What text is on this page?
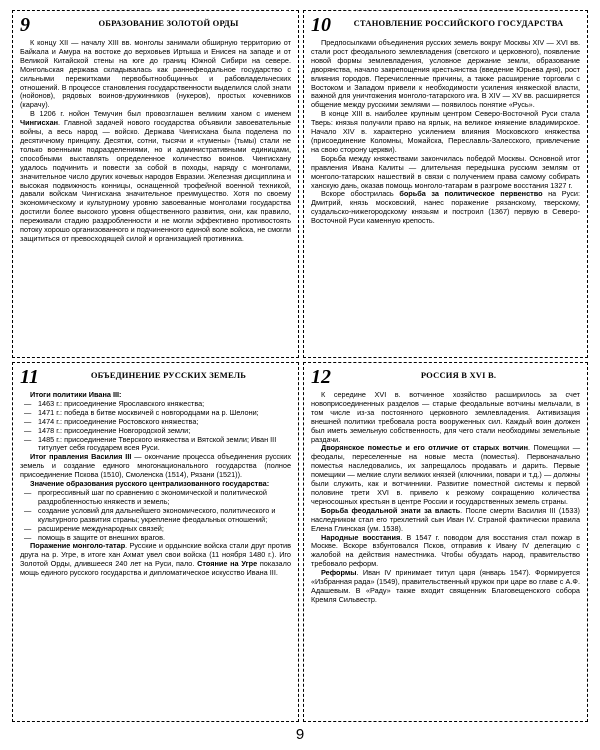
9	ОБРАЗОВАНИЕ ЗОЛОТОЙ ОРДЫ

К концу XII — началу XIII вв. монголы занимали обширную территорию от Байкала и Амура на востоке до верховьев Иртыша и Енисея на западе и от Великой Китайской стены на юге до границ Южной Сибири на севере. Монгольская держава складывалась как раннефеодальное государство с сильными пережитками первобытнообщинных и рабовладельческих отношений. В процессе становления государственности выделился слой знати (нойонов), рядовых воинов-дружинников (нукеров), простых кочевников (карачу).

В 1206 г. нойон Темучин был провозглашен великим ханом с именем Чингисхан. Главной задачей нового государства объявили завоевательные войны, а весь народ — войско. Держава Чингисхана была поделена по десятичному принципу. Десятки, сотни, тысячи и «тумены» (тьмы) стали не только военными подразделениями, но и административными единицами, способными выставлять определенное количество воинов. Чингисхану удалось подчинить и повести за собой в походы, наряду с монголами, значительное число других кочевых народов Евразии. Железная дисциплина и высокая подвижность конницы, оснащенной трофейной военной техникой, давали войскам Чингисхана значительное преимущество. Хотя по своему экономическому и культурному уровню завоеванные монголами государства достигли более высокого уровня общественного развития, они, как правило, переживали стадию раздробленности и не могли эффективно противостоять потоку хорошо организованного и подчиненного единой воле войска, не смогли защититься от превосходящей силой и организацией противника.

10	СТАНОВЛЕНИЕ РОССИЙСКОГО ГОСУДАРСТВА

Предпосылками объединения русских земель вокруг Москвы XIV — XVI вв. стали рост феодального землевладения (светского и церковного), появление новой формы землевладения, условное держание земли, образование дворянства, начало закрепощения крестьянства (введение Юрьева дня), рост влияния городов. Перечисленные причины, а также расширение торговли с Востоком и Западом привели к необходимости усиления княжеской власти, важной для уничтожения монголо-татарского ига. В XIV — XV вв. расширяется общение между русскими землями — появилось понятие «Русь».

В конце XIII в. наиболее крупным центром Северо-Восточной Руси стала Тверь: князья получили право на ярлык, на великое княжение владимирское. Начало XIV в. характерно усилением влияния Московского княжества (присоединение Коломны, Можайска, Переславль-Залесского, привлечение на свою сторону церкви).

Борьба между княжествами закончилась победой Москвы. Основной итог правления Ивана Калиты — длительная передышка русским землям от монголо-татарских нашествий в связи с получением права самому собирать ханскую дань, оказав помощь монголо-татарам в разгроме восстания 1327 г.

Вскоре обострилась борьба за политическое первенство на Руси: Дмитрий, князь московский, нанес поражение рязанскому, тверскому, суздальско-нижегородскому князьям и построил (1367) первую в Северо-Восточной Руси каменную крепость.

11	ОБЪЕДИНЕНИЕ РУССКИХ ЗЕМЕЛЬ
Итоги политики Ивана III:
— 1463 г.: присоединение Ярославского княжества;
— 1471 г.: победа в битве москвичей с новгородцами на р. Шелони;
— 1474 г.: присоединение Ростовского княжества;
— 1478 г.: присоединение Новгородской земли;
— 1485 г.: присоединение Тверского княжества и Вятской земли; Иван III титулует себя государем всея Руси.

Итог правления Василия III — окончание процесса объединения русских земель и создание единого многонационального государства (полное присоединение Пскова (1510), Смоленска (1514), Рязани (1521)).

Значение образования русского централизованного государства:
— прогрессивный шаг по сравнению с экономической и политической раздробленностью княжеств и земель;
— создание условий для дальнейшего экономического, политического и культурного развития страны; укрепление феодальных отношений;
— расширение международных связей;
— помощь в защите от внешних врагов.

Поражение монголо-татар. Русские и ордынские войска стали друг против друга на р. Угре, в итоге хан Ахмат увел свои войска (11 ноября 1480 г.). Иго Золотой Орды, длившееся 240 лет на Руси, пало. Стояние на Угре показало мощь единого русского государства и дипломатическое искусство Ивана III.

12	РОССИЯ В XVI В.

К середине XVI в. вотчинное хозяйство расширилось за счет новоприсоединенных разделов — старые феодальные вотчины мельчали, в том числе из-за постоянного церковного землевладения. Активизация внешней политики требовала роста вооруженных сил. Каждый воин должен был иметь земельную собственность, для чего стали необходимы земельные раздачи.

Дворянское поместье и его отличие от старых вотчин. Помещики — феодалы, переселенные на новые места (поместья). Первоначально поместья наследовались, их запрещалось продавать и дарить. Первые помещики — мелкие слуги великих князей (ключники, повари и т.д.) — должны были служить, как и вотчинники. Развитие поместной системы к первой половине трети XVI в. привело к резкому сокращению количества черносошных крестьян в центре России и государственных земель страны.

Борьба феодальной знати за власть. После смерти Василия III (1533) наследником стал его трехлетний сын Иван IV. Страной фактически правила Елена Глинская (ум. 1538).

Народные восстания. В 1547 г. поводом для восстания стал пожар в Москве. Вскоре взбунтовался Псков, отправив к Ивану IV делегацию с жалобой на действия наместника. Чтобы обуздать народ, правительство требовало реформ.

Реформы. Иван IV принимает титул царя (январь 1547). Формируется «Избранная рада» (1549), правительственный кружок при царе во главе с А.Ф. Адашевым. В «Раду» также входит священник Благовещенского собора Кремля Сильвестр.

9
